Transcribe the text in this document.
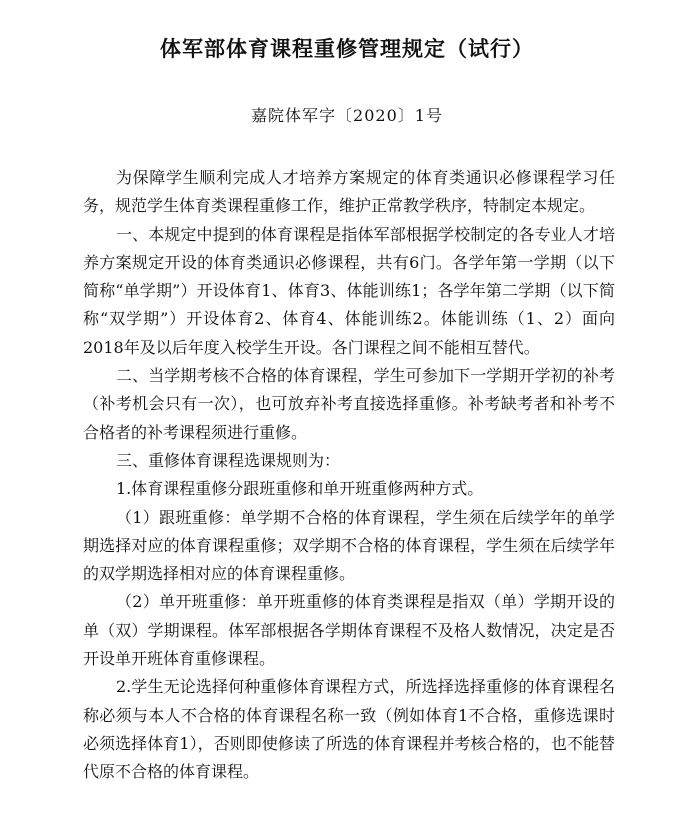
体军部体育课程重修管理规定（试行）

嘉院体军字〔2020〕1号

为保障学生顺利完成人才培养方案规定的体育类通识必修课程学习任务，规范学生体育类课程重修工作，维护正常教学秩序，特制定本规定。

一、本规定中提到的体育课程是指体军部根据学校制定的各专业人才培养方案规定开设的体育类通识必修课程，共有6门。各学年第一学期（以下简称“单学期”）开设体育1、体育3、体能训练1；各学年第二学期（以下简称“双学期”）开设体育2、体育4、体能训练2。体能训练（1、2）面向2018年及以后年度入校学生开设。各门课程之间不能相互替代。

二、当学期考核不合格的体育课程，学生可参加下一学期开学初的补考（补考机会只有一次），也可放弃补考直接选择重修。补考缺考者和补考不合格者的补考课程须进行重修。

三、重修体育课程选课规则为：

1.体育课程重修分跟班重修和单开班重修两种方式。

（1）跟班重修：单学期不合格的体育课程，学生须在后续学年的单学期选择对应的体育课程重修；双学期不合格的体育课程，学生须在后续学年的双学期选择相对应的体育课程重修。

（2）单开班重修：单开班重修的体育类课程是指双（单）学期开设的单（双）学期课程。体军部根据各学期体育课程不及格人数情况，决定是否开设单开班体育重修课程。

2.学生无论选择何种重修体育课程方式，所选择选择重修的体育课程名称必须与本人不合格的体育课程名称一致（例如体育1不合格，重修选课时必须选择体育1），否则即使修读了所选的体育课程并考核合格的，也不能替代原不合格的体育课程。
